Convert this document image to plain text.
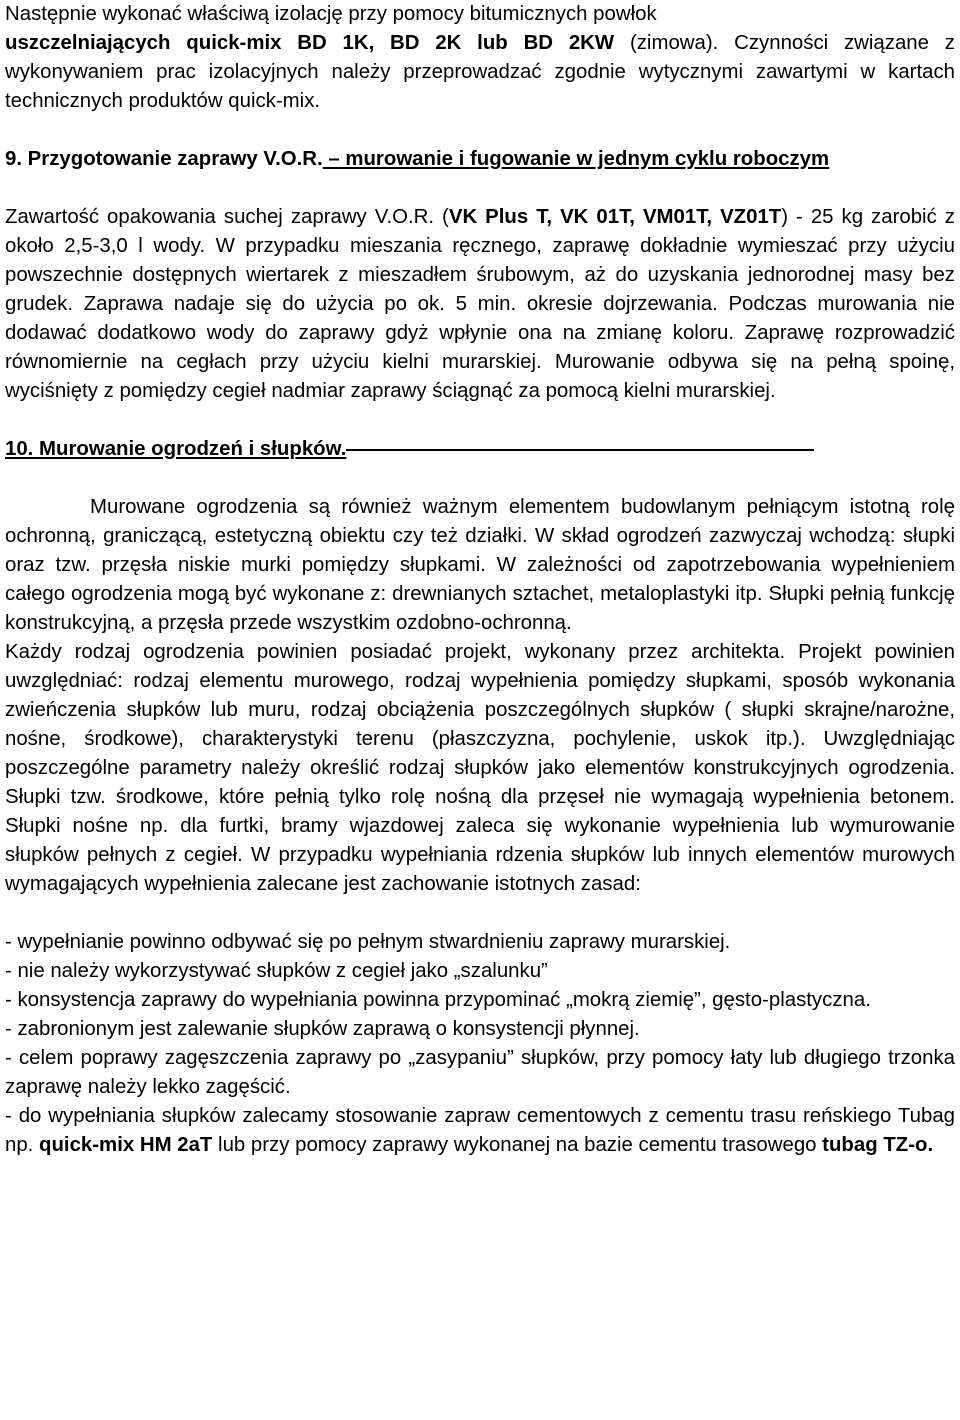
Następnie wykonać właściwą izolację przy pomocy bitumicznych powłok
uszczelniających quick-mix BD 1K, BD 2K lub BD 2KW (zimowa). Czynności związane z wykonywaniem prac izolacyjnych należy przeprowadzać zgodnie wytycznymi zawartymi w kartach technicznych produktów quick-mix.

9. Przygotowanie zaprawy V.O.R. – murowanie i fugowanie w jednym cyklu roboczym

Zawartość opakowania suchej zaprawy V.O.R. (VK Plus T, VK 01T, VM01T, VZ01T) - 25 kg zarobić z około 2,5-3,0 l wody. W przypadku mieszania ręcznego, zaprawę dokładnie wymieszać przy użyciu powszechnie dostępnych wiertarek z mieszadłem śrubowym, aż do uzyskania jednorodnej masy bez grudek. Zaprawa nadaje się do użycia po ok. 5 min. okresie dojrzewania. Podczas murowania nie dodawać dodatkowo wody do zaprawy gdyż wpłynie ona na zmianę koloru. Zaprawę rozprowadzić równomiernie na cegłach przy użyciu kielni murarskiej. Murowanie odbywa się na pełną spoinę, wyciśnięty z pomiędzy cegieł nadmiar zaprawy ściągnąć za pomocą kielni murarskiej.

10. Murowanie ogrodzeń i słupków.

Murowane ogrodzenia są również ważnym elementem budowlanym pełniącym istotną rolę ochronną, graniczącą, estetyczną obiektu czy też działki. W skład ogrodzeń zazwyczaj wchodzą: słupki oraz tzw. przęsła niskie murki pomiędzy słupkami. W zależności od zapotrzebowania wypełnieniem całego ogrodzenia mogą być wykonane z: drewnianych sztachet, metaloplastyki itp. Słupki pełnią funkcję konstrukcyjną, a przęsła przede wszystkim ozdobno-ochronną.

Każdy rodzaj ogrodzenia powinien posiadać projekt, wykonany przez architekta. Projekt powinien uwzględniać: rodzaj elementu murowego, rodzaj wypełnienia pomiędzy słupkami, sposób wykonania zwieńczenia słupków lub muru, rodzaj obciążenia poszczególnych słupków ( słupki skrajne/narożne, nośne, środkowe), charakterystyki terenu (płaszczyzna, pochylenie, uskok itp.). Uwzględniając poszczególne parametry należy określić rodzaj słupków jako elementów konstrukcyjnych ogrodzenia. Słupki tzw. środkowe, które pełnią tylko rolę nośną dla przęseł nie wymagają wypełnienia betonem. Słupki nośne np. dla furtki, bramy wjazdowej zaleca się wykonanie wypełnienia lub wymurowanie słupków pełnych z cegieł. W przypadku wypełniania rdzenia słupków lub innych elementów murowych wymagających wypełnienia zalecane jest zachowanie istotnych zasad:

- wypełnianie powinno odbywać się po pełnym stwardnieniu zaprawy murarskiej.

- nie należy wykorzystywać słupków z cegieł jako „szalunku”

- konsystencja zaprawy do wypełniania powinna przypominać „mokrą ziemię”, gęsto-plastyczna.

- zabronionym jest zalewanie słupków zaprawą o konsystencji płynnej.

- celem poprawy zagęszczenia zaprawy po „zasypaniu” słupków, przy pomocy łaty lub długiego trzonka zaprawę należy lekko zagęścić.

- do wypełniania słupków zalecamy stosowanie zapraw cementowych z cementu trasu reńskiego Tubag np. quick-mix HM 2aT lub przy pomocy zaprawy wykonanej na bazie cementu trasowego tubag TZ-o.
